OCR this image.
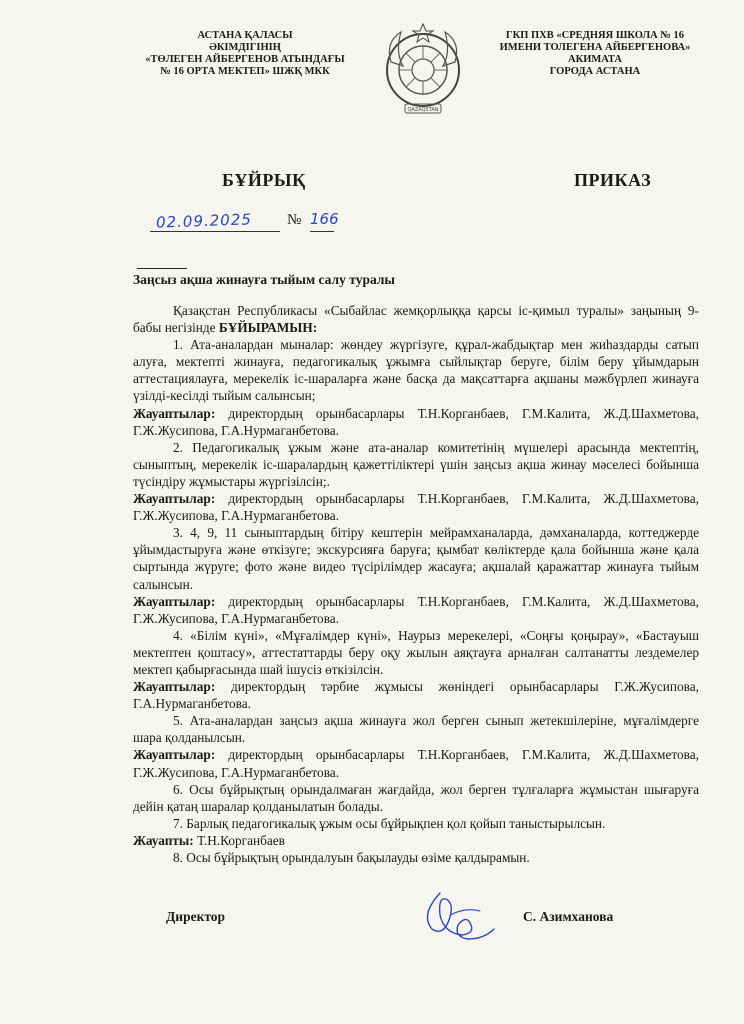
АСТАНА ҚАЛАСЫ
ӘКІМДІГІНІҢ
«ТӨЛЕГЕН АЙБЕРГЕНОВ АТЫНДАҒЫ
№ 16 ОРТА МЕКТЕП» ШЖҚ МКК
QAZAQSTAN
ГКП ПХВ «СРЕДНЯЯ ШКОЛА № 16
ИМЕНИ ТОЛЕГЕНА АЙБЕРГЕНОВА»
АКИМАТА
ГОРОДА АСТАНА
БҰЙРЫҚ	ПРИКАЗ
02.09.2025 № 166
Заңсыз ақша жинауға тыйым салу туралы

Қазақстан Республикасы «Сыбайлас жемқорлыққа қарсы іс-қимыл туралы» заңының 9-бабы негізінде БҰЙЫРАМЫН:

1. Ата-аналардан мыналар: жөндеу жүргізуге, құрал-жабдықтар мен жиһаздарды сатып алуға, мектепті жинауға, педагогикалық ұжымға сыйлықтар беруге, білім беру ұйымдарын аттестациялауға, мерекелік іс-шараларға және басқа да мақсаттарға ақшаны мәжбүрлеп жинауға үзілді-кесілді тыйым салынсын;

Жауаптылар: директордың орынбасарлары Т.Н.Корганбаев, Г.М.Калита, Ж.Д.Шахметова, Г.Ж.Жусипова, Г.А.Нурмаганбетова.

2. Педагогикалық ұжым және ата-аналар комитетінің мүшелері арасында мектептің, сыныптың, мерекелік іс-шаралардың қажеттіліктері үшін заңсыз ақша жинау мәселесі бойынша түсіндіру жұмыстары жүргізілсін;.

Жауаптылар: директордың орынбасарлары Т.Н.Корганбаев, Г.М.Калита, Ж.Д.Шахметова, Г.Ж.Жусипова, Г.А.Нурмаганбетова.

3. 4, 9, 11 сыныптардың бітіру кештерін мейрамханаларда, дәмханаларда, коттеджерде ұйымдастыруға және өткізуге; экскурсияға баруға; қымбат көліктерде қала бойынша және қала сыртында жүруге; фото және видео түсірілімдер жасауға; ақшалай қаражаттар жинауға тыйым салынсын.

Жауаптылар: директордың орынбасарлары Т.Н.Корганбаев, Г.М.Калита, Ж.Д.Шахметова, Г.Ж.Жусипова, Г.А.Нурмаганбетова.

4. «Білім күні», «Мұғалімдер күні», Наурыз мерекелері, «Соңғы қоңырау», «Бастауыш мектептен қоштасу», аттестаттарды беру оқу жылын аяқтауға арналған салтанатты лездемелер мектеп қабырғасында шай ішусіз өткізілсін.

Жауаптылар: директордың тәрбие жұмысы жөніндегі орынбасарлары Г.Ж.Жусипова, Г.А.Нурмаганбетова.

5. Ата-аналардан заңсыз ақша жинауға жол берген сынып жетекшілеріне, мұғалімдерге шара қолданылсын.

Жауаптылар: директордың орынбасарлары Т.Н.Корганбаев, Г.М.Калита, Ж.Д.Шахметова, Г.Ж.Жусипова, Г.А.Нурмаганбетова.

6. Осы бұйрықтың орындалмаған жағдайда, жол берген тұлғаларға жұмыстан шығаруға дейін қатаң шаралар қолданылатын болады.

7. Барлық педагогикалық ұжым осы бұйрықпен қол қойып таныстырылсын.

Жауапты: Т.Н.Корганбаев

8. Осы бұйрықтың орындалуын бақылауды өзіме қалдырамын.

Директор	С. Азимханова
